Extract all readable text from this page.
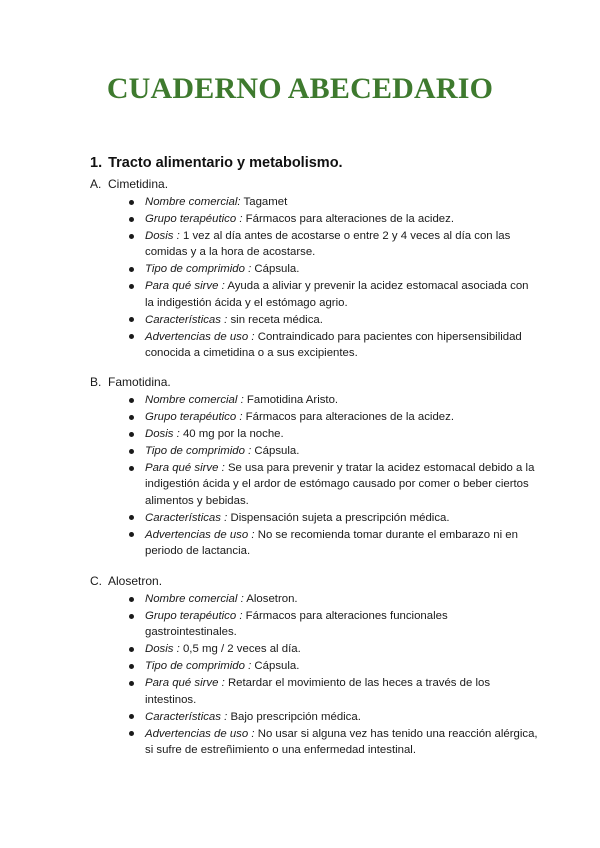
CUADERNO ABECEDARIO
1. Tracto alimentario y metabolismo.
A. Cimetidina.
Nombre comercial: Tagamet
Grupo terapéutico : Fármacos para alteraciones de la acidez.
Dosis : 1 vez al día antes de acostarse o entre 2 y 4 veces al día con las comidas y a la hora de acostarse.
Tipo de comprimido : Cápsula.
Para qué sirve : Ayuda a aliviar y prevenir la acidez estomacal asociada con la indigestión ácida y el estómago agrio.
Características : sin receta médica.
Advertencias de uso : Contraindicado para pacientes con hipersensibilidad conocida a cimetidina o a sus excipientes.
B. Famotidina.
Nombre comercial : Famotidina Aristo.
Grupo terapéutico : Fármacos para alteraciones de la acidez.
Dosis : 40 mg por la noche.
Tipo de comprimido : Cápsula.
Para qué sirve : Se usa para prevenir y tratar la acidez estomacal debido a la indigestión ácida y el ardor de estómago causado por comer o beber ciertos alimentos y bebidas.
Características : Dispensación sujeta a prescripción médica.
Advertencias de uso : No se recomienda tomar durante el embarazo ni en periodo de lactancia.
C. Alosetron.
Nombre comercial : Alosetron.
Grupo terapéutico : Fármacos para alteraciones funcionales gastrointestinales.
Dosis : 0,5 mg / 2 veces al día.
Tipo de comprimido : Cápsula.
Para qué sirve : Retardar el movimiento de las heces a través de los intestinos.
Características : Bajo prescripción médica.
Advertencias de uso : No usar si alguna vez has tenido una reacción alérgica, si sufre de estreñimiento o una enfermedad intestinal.
